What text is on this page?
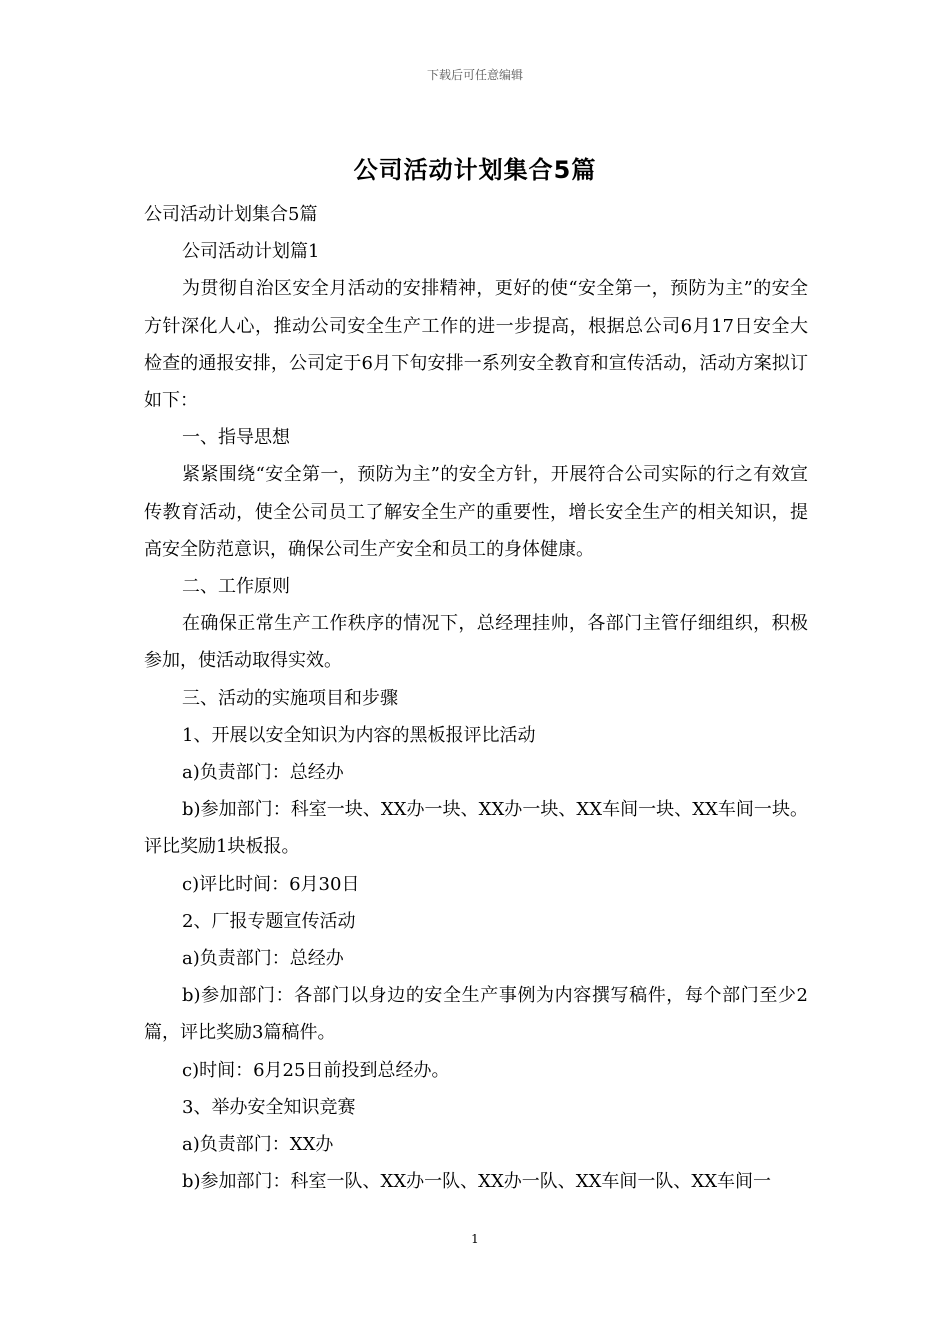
下载后可任意编辑
公司活动计划集合5篇

公司活动计划集合5篇

公司活动计划篇1

为贯彻自治区安全月活动的安排精神，更好的使“安全第一，预防为主”的安全方针深化人心，推动公司安全生产工作的进一步提高，根据总公司6月17日安全大检查的通报安排，公司定于6月下旬安排一系列安全教育和宣传活动，活动方案拟订如下：

一、指导思想

紧紧围绕“安全第一，预防为主”的安全方针，开展符合公司实际的行之有效宣传教育活动，使全公司员工了解安全生产的重要性，增长安全生产的相关知识，提高安全防范意识，确保公司生产安全和员工的身体健康。

二、工作原则

在确保正常生产工作秩序的情况下，总经理挂帅，各部门主管仔细组织，积极参加，使活动取得实效。

三、活动的实施项目和步骤

1、开展以安全知识为内容的黑板报评比活动

a)负责部门：总经办

b)参加部门：科室一块、XX办一块、XX办一块、XX车间一块、XX车间一块。评比奖励1块板报。

c)评比时间：6月30日

2、厂报专题宣传活动

a)负责部门：总经办

b)参加部门：各部门以身边的安全生产事例为内容撰写稿件，每个部门至少2篇，评比奖励3篇稿件。

c)时间：6月25日前投到总经办。

3、举办安全知识竞赛

a)负责部门：XX办

b)参加部门：科室一队、XX办一队、XX办一队、XX车间一队、XX车间一

1
